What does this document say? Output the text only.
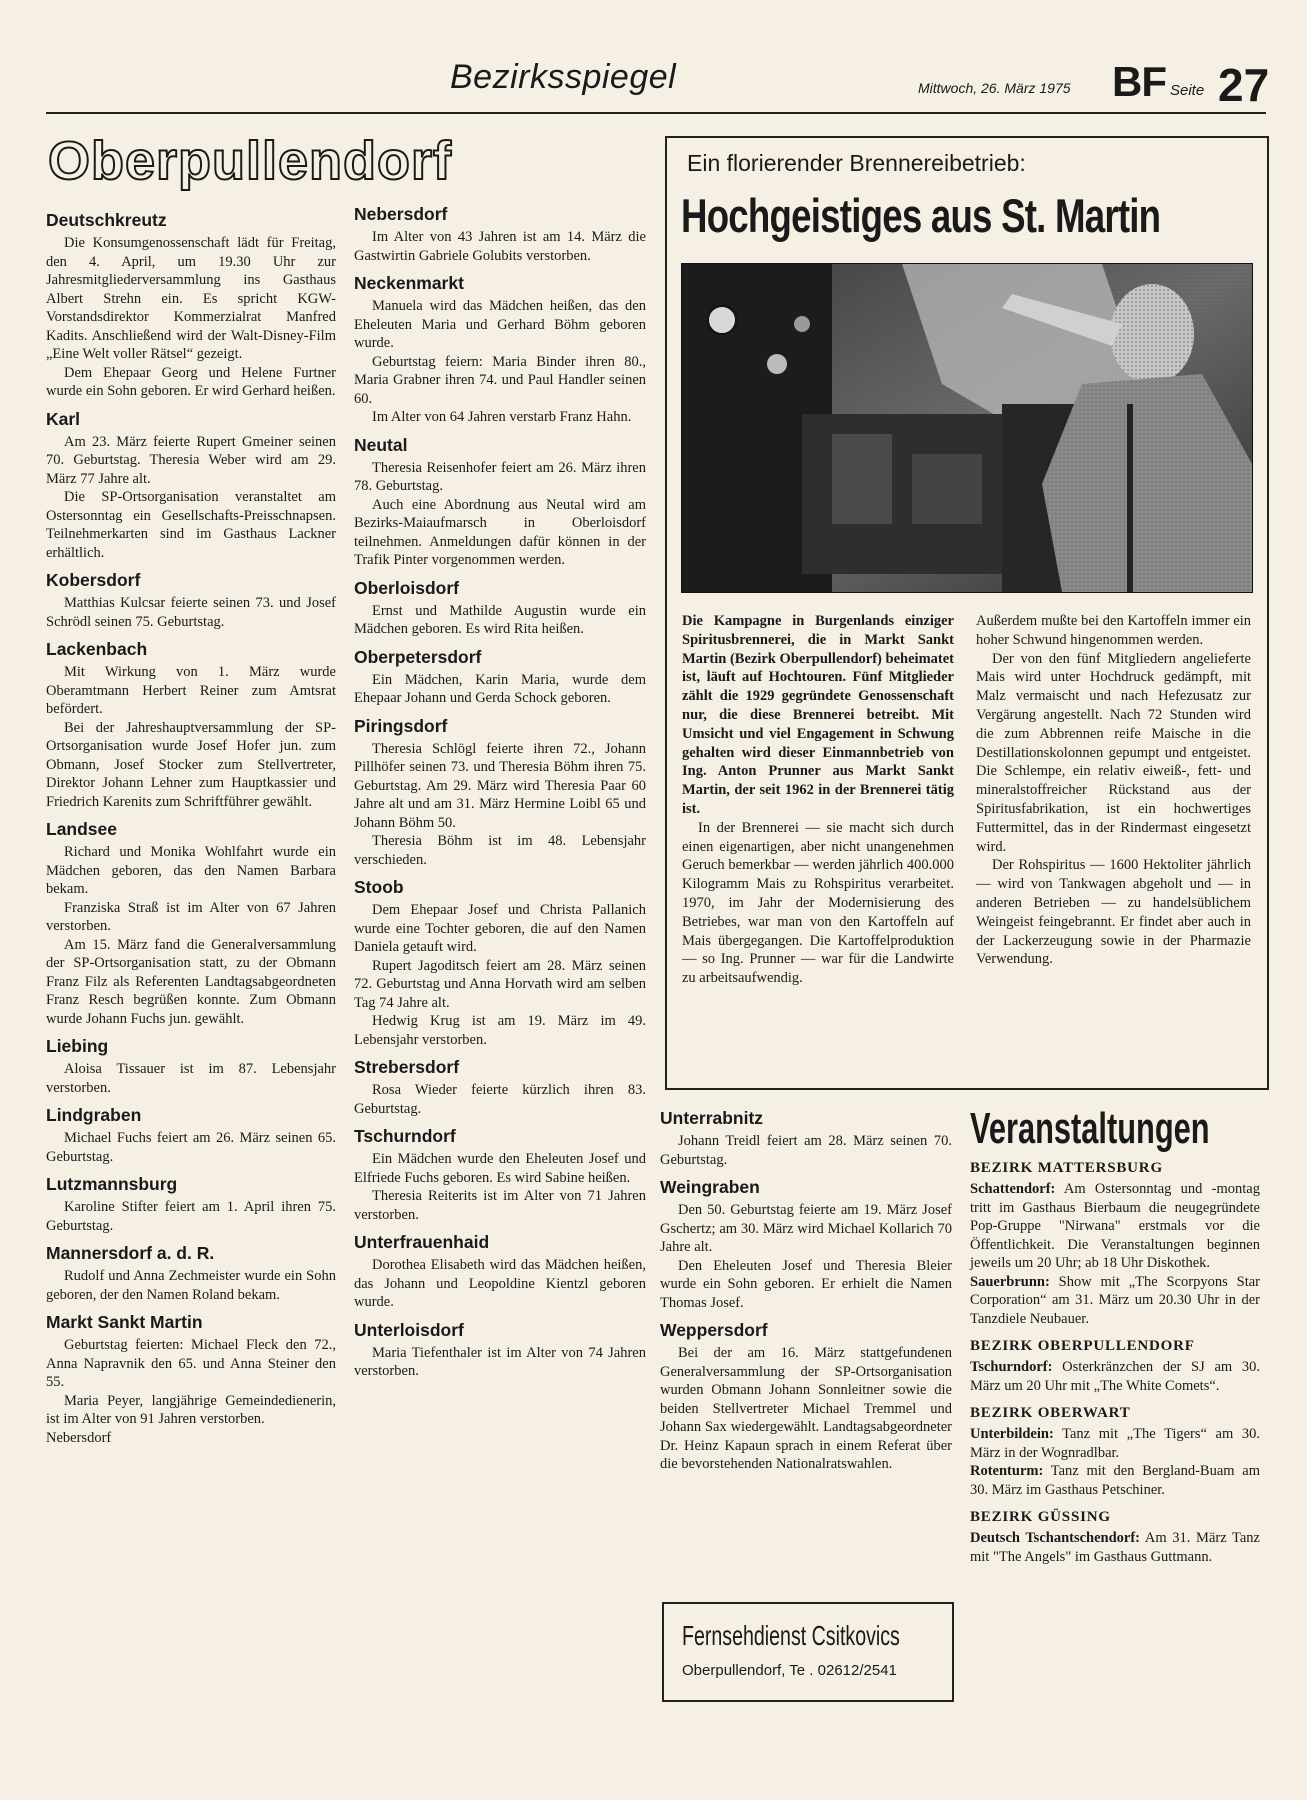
Bezirksspiegel	Mittwoch, 26. März 1975 BF Seite 27
Oberpullendorf
Deutschkreutz

Die Konsumgenossenschaft lädt für Freitag, den 4. April, um 19.30 Uhr zur Jahresmitgliederversammlung ins Gasthaus Albert Strehn ein. Es spricht KGW-Vorstandsdirektor Kommerzialrat Manfred Kadits. Anschließend wird der Walt-Disney-Film „Eine Welt voller Rätsel“ gezeigt.

Dem Ehepaar Georg und Helene Furtner wurde ein Sohn geboren. Er wird Gerhard heißen.

Karl

Am 23. März feierte Rupert Gmeiner seinen 70. Geburtstag. Theresia Weber wird am 29. März 77 Jahre alt.

Die SP-Ortsorganisation veranstaltet am Ostersonntag ein Gesellschafts-Preisschnapsen. Teilnehmerkarten sind im Gasthaus Lackner erhältlich.

Kobersdorf

Matthias Kulcsar feierte seinen 73. und Josef Schrödl seinen 75. Geburtstag.

Lackenbach

Mit Wirkung von 1. März wurde Oberamtmann Herbert Reiner zum Amtsrat befördert.

Bei der Jahreshauptversammlung der SP-Ortsorganisation wurde Josef Hofer jun. zum Obmann, Josef Stocker zum Stellvertreter, Direktor Johann Lehner zum Hauptkassier und Friedrich Karenits zum Schriftführer gewählt.

Landsee

Richard und Monika Wohlfahrt wurde ein Mädchen geboren, das den Namen Barbara bekam.

Franziska Straß ist im Alter von 67 Jahren verstorben.

Am 15. März fand die Generalversammlung der SP-Ortsorganisation statt, zu der Obmann Franz Filz als Referenten Landtagsabgeordneten Franz Resch begrüßen konnte. Zum Obmann wurde Johann Fuchs jun. gewählt.

Liebing

Aloisa Tissauer ist im 87. Lebensjahr verstorben.

Lindgraben

Michael Fuchs feiert am 26. März seinen 65. Geburtstag.

Lutzmannsburg

Karoline Stifter feiert am 1. April ihren 75. Geburtstag.

Mannersdorf a. d. R.

Rudolf und Anna Zechmeister wurde ein Sohn geboren, der den Namen Roland bekam.

Markt Sankt Martin

Geburtstag feierten: Michael Fleck den 72., Anna Napravnik den 65. und Anna Steiner den 55.

Maria Peyer, langjährige Gemeindedienerin, ist im Alter von 91 Jahren verstorben.

Nebersdorf

Nebersdorf

Im Alter von 43 Jahren ist am 14. März die Gastwirtin Gabriele Golubits verstorben.

Neckenmarkt

Manuela wird das Mädchen heißen, das den Eheleuten Maria und Gerhard Böhm geboren wurde.

Geburtstag feiern: Maria Binder ihren 80., Maria Grabner ihren 74. und Paul Handler seinen 60.

Im Alter von 64 Jahren verstarb Franz Hahn.

Neutal

Theresia Reisenhofer feiert am 26. März ihren 78. Geburtstag.

Auch eine Abordnung aus Neutal wird am Bezirks-Maiaufmarsch in Oberloisdorf teilnehmen. Anmeldungen dafür können in der Trafik Pinter vorgenommen werden.

Oberloisdorf

Ernst und Mathilde Augustin wurde ein Mädchen geboren. Es wird Rita heißen.

Oberpetersdorf

Ein Mädchen, Karin Maria, wurde dem Ehepaar Johann und Gerda Schock geboren.

Piringsdorf

Theresia Schlögl feierte ihren 72., Johann Pillhöfer seinen 73. und Theresia Böhm ihren 75. Geburtstag. Am 29. März wird Theresia Paar 60 Jahre alt und am 31. März Hermine Loibl 65 und Johann Böhm 50.

Theresia Böhm ist im 48. Lebensjahr verschieden.

Stoob

Dem Ehepaar Josef und Christa Pallanich wurde eine Tochter geboren, die auf den Namen Daniela getauft wird.

Rupert Jagoditsch feiert am 28. März seinen 72. Geburtstag und Anna Horvath wird am selben Tag 74 Jahre alt.

Hedwig Krug ist am 19. März im 49. Lebensjahr verstorben.

Strebersdorf

Rosa Wieder feierte kürzlich ihren 83. Geburtstag.

Tschurndorf

Ein Mädchen wurde den Eheleuten Josef und Elfriede Fuchs geboren. Es wird Sabine heißen.

Theresia Reiterits ist im Alter von 71 Jahren verstorben.

Unterfrauenhaid

Dorothea Elisabeth wird das Mädchen heißen, das Johann und Leopoldine Kientzl geboren wurde.

Unterloisdorf

Maria Tiefenthaler ist im Alter von 74 Jahren verstorben.

Ein florierender Brennereibetrieb:
Hochgeistiges aus St. Martin

Die Kampagne in Burgenlands einziger Spiritusbrennerei, die in Markt Sankt Martin (Bezirk Oberpullendorf) beheimatet ist, läuft auf Hochtouren. Fünf Mitglieder zählt die 1929 gegründete Genossenschaft nur, die diese Brennerei betreibt. Mit Umsicht und viel Engagement in Schwung gehalten wird dieser Einmannbetrieb von Ing. Anton Prunner aus Markt Sankt Martin, der seit 1962 in der Brennerei tätig ist.

In der Brennerei — sie macht sich durch einen eigenartigen, aber nicht unangenehmen Geruch bemerkbar — werden jährlich 400.000 Kilogramm Mais zu Rohspiritus verarbeitet. 1970, im Jahr der Modernisierung des Betriebes, war man von den Kartoffeln auf Mais übergegangen. Die Kartoffelproduktion — so Ing. Prunner — war für die Landwirte zu arbeitsaufwendig.

Außerdem mußte bei den Kartoffeln immer ein hoher Schwund hingenommen werden.

Der von den fünf Mitgliedern angelieferte Mais wird unter Hochdruck gedämpft, mit Malz vermaischt und nach Hefezusatz zur Vergärung angestellt. Nach 72 Stunden wird die zum Abbrennen reife Maische in die Destillationskolonnen gepumpt und entgeistet. Die Schlempe, ein relativ eiweiß-, fett- und mineralstoffreicher Rückstand aus der Spiritusfabrikation, ist ein hochwertiges Futtermittel, das in der Rindermast eingesetzt wird.

Der Rohspiritus — 1600 Hektoliter jährlich — wird von Tankwagen abgeholt und — in anderen Betrieben — zu handelsüblichem Weingeist feingebrannt. Er findet aber auch in der Lackerzeugung sowie in der Pharmazie Verwendung.

Unterrabnitz

Johann Treidl feiert am 28. März seinen 70. Geburtstag.

Weingraben

Den 50. Geburtstag feierte am 19. März Josef Gschertz; am 30. März wird Michael Kollarich 70 Jahre alt.

Den Eheleuten Josef und Theresia Bleier wurde ein Sohn geboren. Er erhielt die Namen Thomas Josef.

Weppersdorf

Bei der am 16. März stattgefundenen Generalversammlung der SP-Ortsorganisation wurden Obmann Johann Sonnleitner sowie die beiden Stellvertreter Michael Tremmel und Johann Sax wiedergewählt. Landtagsabgeordneter Dr. Heinz Kapaun sprach in einem Referat über die bevorstehenden Nationalratswahlen.

Fernsehdienst Csitkovics
Oberpullendorf, Te . 02612/2541
Veranstaltungen
BEZIRK MATTERSBURG

Schattendorf: Am Ostersonntag und -montag tritt im Gasthaus Bierbaum die neugegründete Pop-Gruppe "Nirwana" erstmals vor die Öffentlichkeit. Die Veranstaltungen beginnen jeweils um 20 Uhr; ab 18 Uhr Diskothek.

Sauerbrunn: Show mit „The Scorpyons Star Corporation“ am 31. März um 20.30 Uhr in der Tanzdiele Neubauer.

BEZIRK OBERPULLENDORF

Tschurndorf: Osterkränzchen der SJ am 30. März um 20 Uhr mit „The White Comets“.

BEZIRK OBERWART

Unterbildein: Tanz mit „The Tigers“ am 30. März in der Wognradlbar.

Rotenturm: Tanz mit den Bergland-Buam am 30. März im Gasthaus Petschiner.

BEZIRK GÜSSING

Deutsch Tschantschendorf: Am 31. März Tanz mit "The Angels" im Gasthaus Guttmann.
